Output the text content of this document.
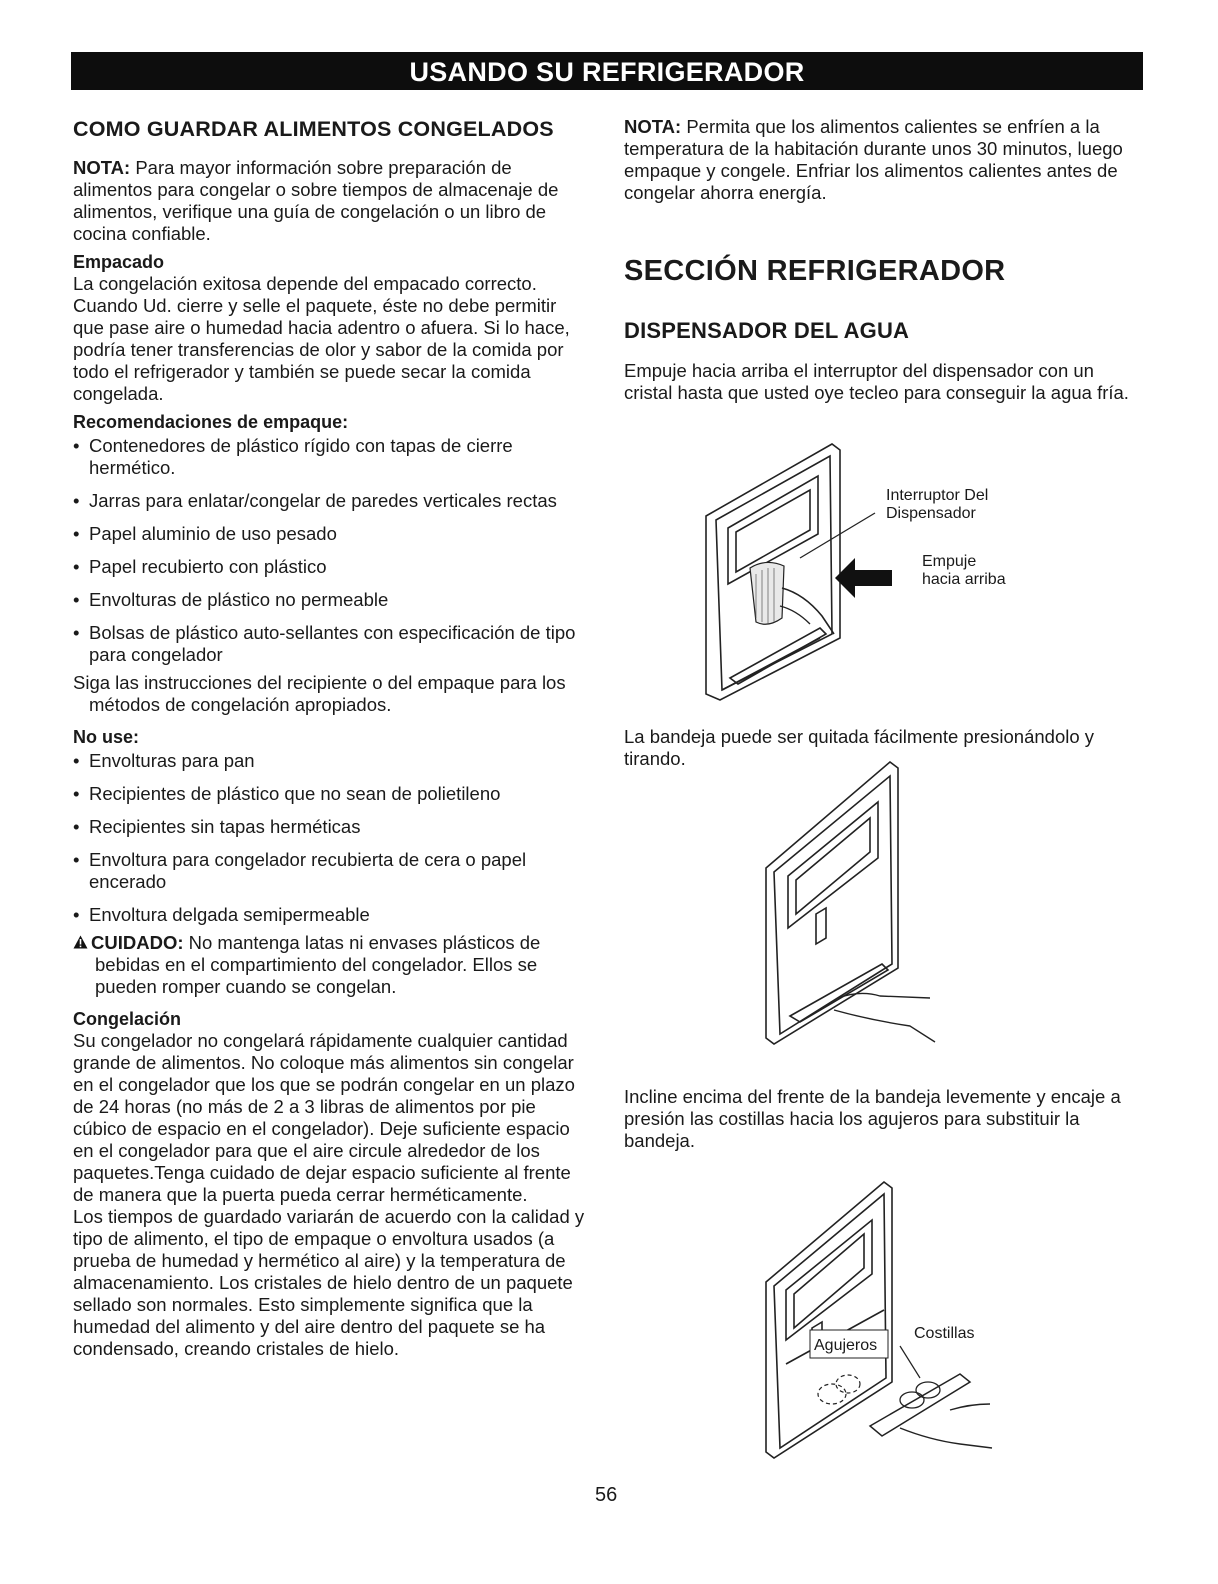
USANDO SU REFRIGERADOR

COMO GUARDAR ALIMENTOS CONGELADOS

NOTA: Para mayor información sobre preparación de alimentos para congelar o sobre tiempos de almacenaje de alimentos, verifique una guía de congelación o un libro de cocina confiable.

Empacado

La congelación exitosa depende del empacado correcto. Cuando Ud. cierre y selle el paquete, éste no debe permitir que pase aire o humedad hacia adentro o afuera. Si lo hace, podría tener transferencias de olor y sabor de la comida por todo el refrigerador y también se puede secar la comida congelada.

Recomendaciones de empaque:

• Contenedores de plástico rígido con tapas de cierre hermético.
• Jarras para enlatar/congelar de paredes verticales rectas
• Papel aluminio de uso pesado
• Papel recubierto con plástico
• Envolturas de plástico no permeable
• Bolsas de plástico auto-sellantes con especificación de tipo para congelador

Siga las instrucciones del recipiente o del empaque para los métodos de congelación apropiados.

No use:

• Envolturas para pan
• Recipientes de plástico que no sean de polietileno
• Recipientes sin tapas herméticas
• Envoltura para congelador recubierta de cera o papel encerado
• Envoltura delgada semipermeable

CUIDADO: No mantenga latas ni envases plásticos de bebidas en el compartimiento del congelador. Ellos se pueden romper cuando se congelan.

Congelación

Su congelador no congelará rápidamente cualquier cantidad grande de alimentos. No coloque más alimentos sin congelar en el congelador que los que se podrán congelar en un plazo de 24 horas (no más de 2 a 3 libras de alimentos por pie cúbico de espacio en el congelador). Deje suficiente espacio en el congelador para que el aire circule alrededor de los paquetes.Tenga cuidado de dejar espacio suficiente al frente de manera que la puerta pueda cerrar herméticamente.

Los tiempos de guardado variarán de acuerdo con la calidad y tipo de alimento, el tipo de empaque o envoltura usados (a prueba de humedad y hermético al aire) y la temperatura de almacenamiento. Los cristales de hielo dentro de un paquete sellado son normales. Esto simplemente significa que la humedad del alimento y del aire dentro del paquete se ha condensado, creando cristales de hielo.

NOTA: Permita que los alimentos calientes se enfríen a la temperatura de la habitación durante unos 30 minutos, luego empaque y congele. Enfriar los alimentos calientes antes de congelar ahorra energía.

SECCIÓN REFRIGERADOR

DISPENSADOR DEL AGUA

Empuje hacia arriba el interruptor del dispensador con un cristal hasta que usted oye tecleo para conseguir la agua fría.

Interruptor Del
Dispensador
Empuje
hacia arriba

La bandeja puede ser quitada fácilmente presionándolo y tirando.

Incline encima del frente de la bandeja levemente y encaje a presión las costillas hacia los agujeros para substituir la bandeja.

Agujeros
Costillas
56
